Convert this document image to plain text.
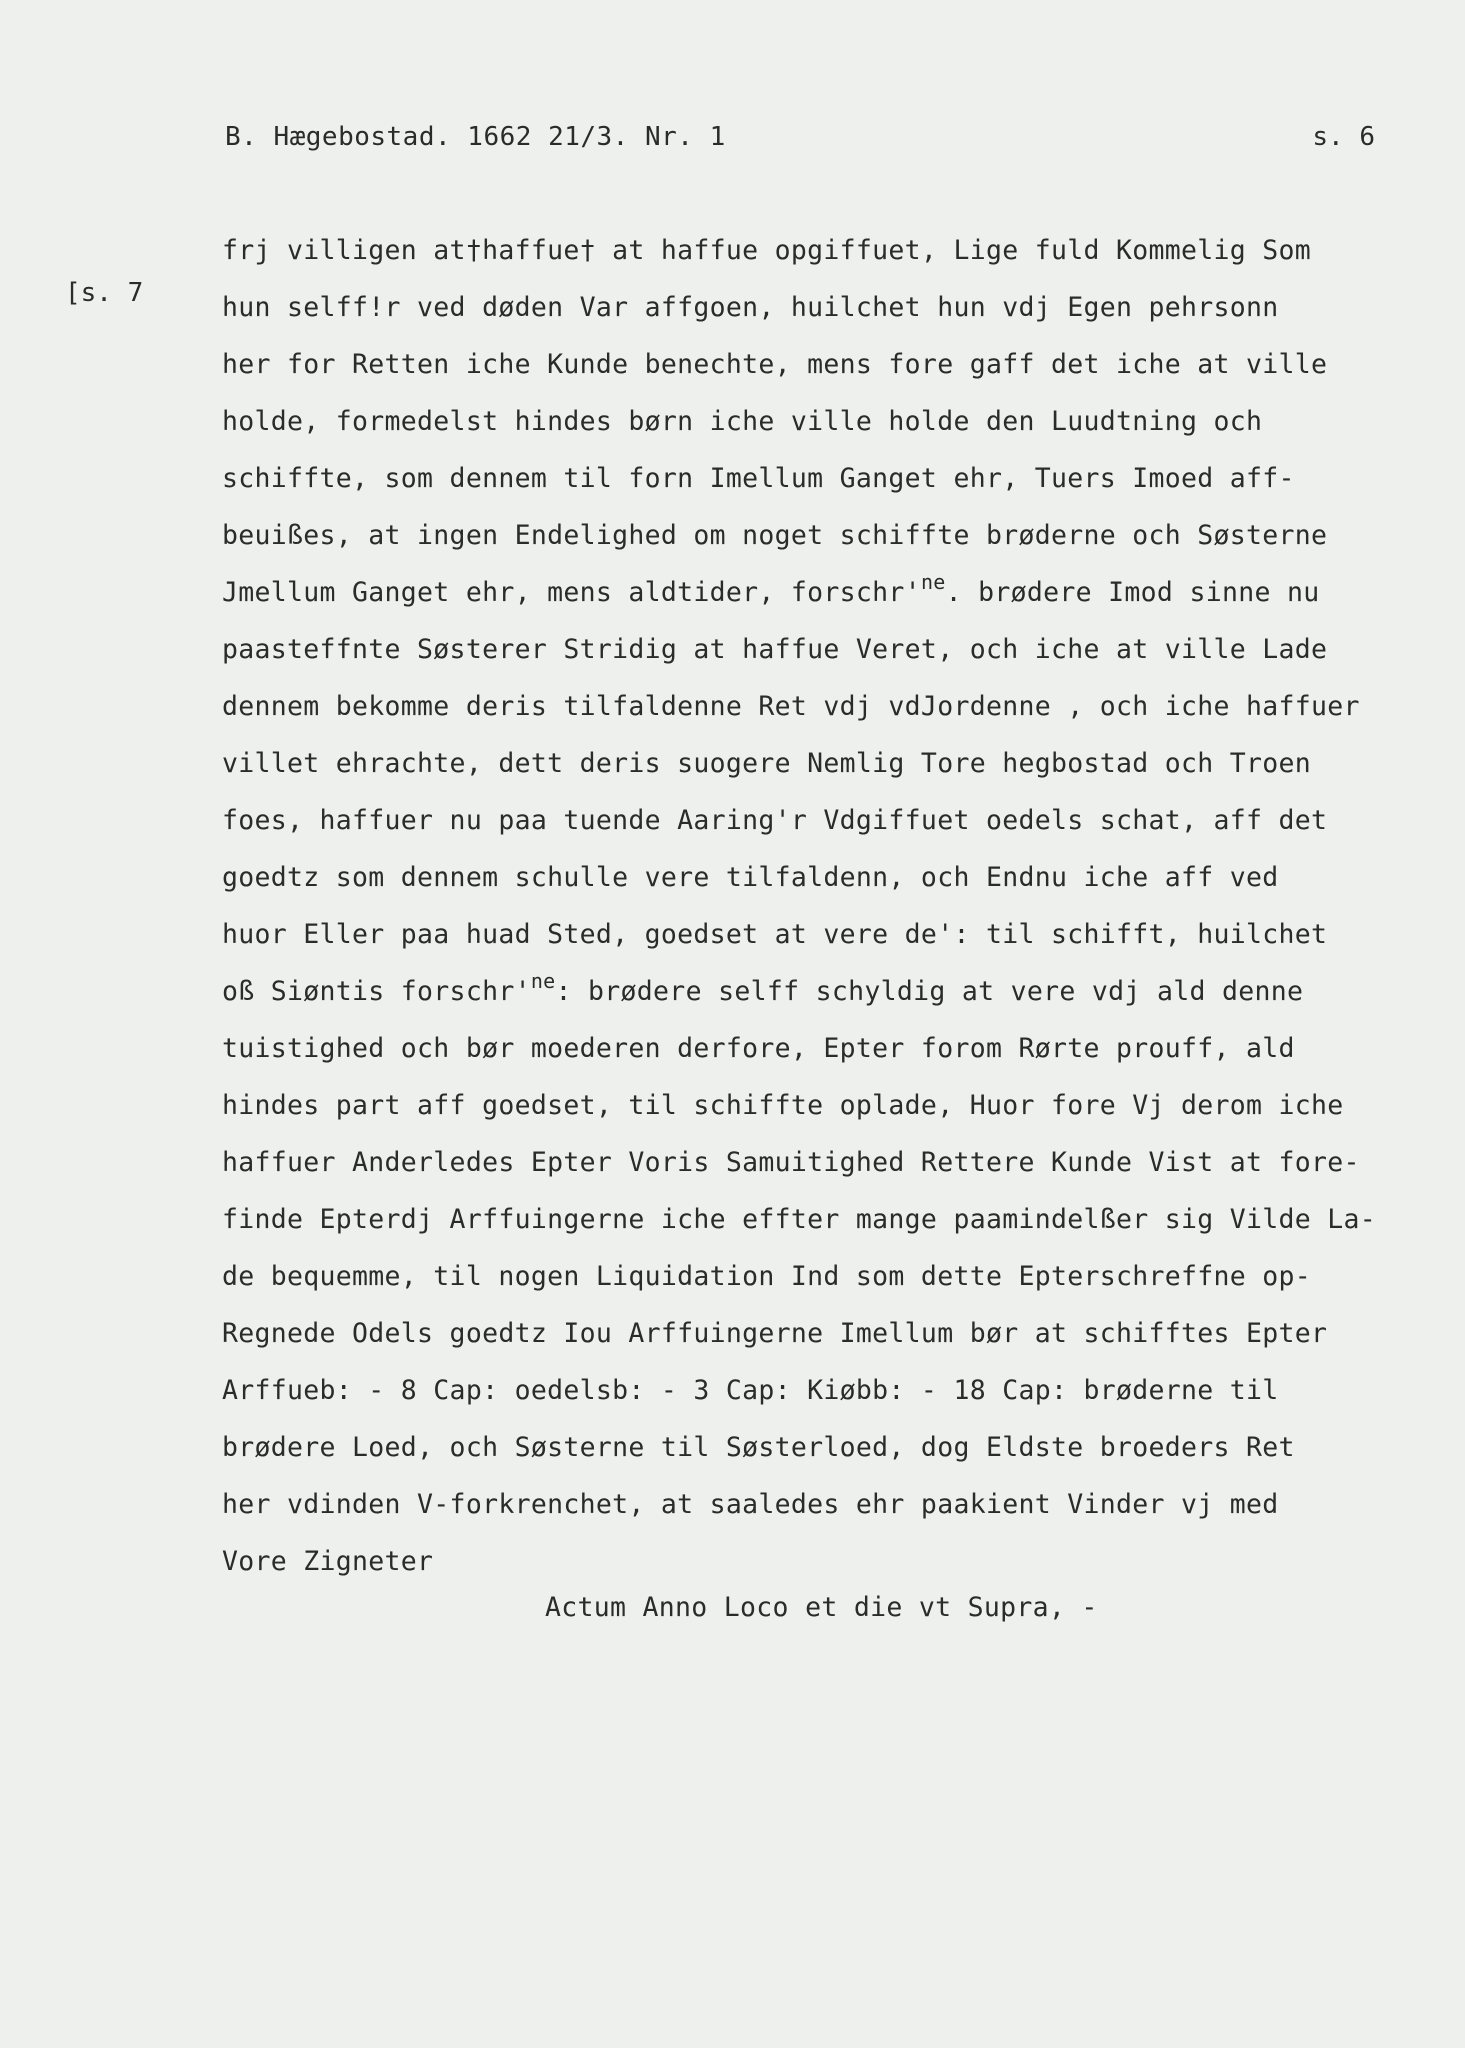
B. Hægebostad. 1662 21/3. Nr. 1	s. 6
[s. 7
frj villigen at†haffue† at haffue opgiffuet, Lige fuld Kommelig Som
hun selff!r ved døden Var affgoen, huilchet hun vdj Egen pehrsonn
her for Retten iche Kunde benechte, mens fore gaff det iche at ville
holde, formedelst hindes børn iche ville holde den Luudtning och
schiffte, som dennem til forn Imellum Ganget ehr, Tuers Imoed aff-
beuißes, at ingen Endelighed om noget schiffte brøderne och Søsterne
Jmellum Ganget ehr, mens aldtider, $forschr'^{ne}$. brødere Imod sinne nu
paasteffnte Søsterer Stridig at haffue Veret, och iche at ville Lade
dennem bekomme deris tilfaldenne Ret vdj vdJordenne , och iche haffuer
villet ehrachte, dett deris suogere Nemlig Tore hegbostad och Troen
foes, haffuer nu paa tuende Aaring'r Vdgiffuet oedels schat, aff det
goedtz som dennem schulle vere tilfaldenn, och Endnu iche aff ved
huor Eller paa huad Sted, goedset at vere de': til schifft, huilchet
oß Siøntis $forschr'^{ne}$: brødere selff schyldig at vere vdj ald denne
tuistighed och bør moederen derfore, Epter forom Rørte prouff, ald
hindes part aff goedset, til schiffte oplade, Huor fore Vj derom iche
haffuer Anderledes Epter Voris Samuitighed Rettere Kunde Vist at fore-
finde Epterdj Arffuingerne iche effter mange paamindelßer sig Vilde La-
de bequemme, til nogen Liquidation Ind som dette Epterschreffne op-
Regnede Odels goedtz Iou Arffuingerne Imellum bør at schifftes Epter
Arffueb: - 8 Cap: oedelsb: - 3 Cap: Kiøbb: - 18 Cap: brøderne til
brødere Loed, och Søsterne til Søsterloed, dog Eldste broeders Ret
her vdinden V-forkrenchet, at saaledes ehr paakient Vinder vj med
Vore Zigneter
Actum Anno Loco et die vt Supra, -
